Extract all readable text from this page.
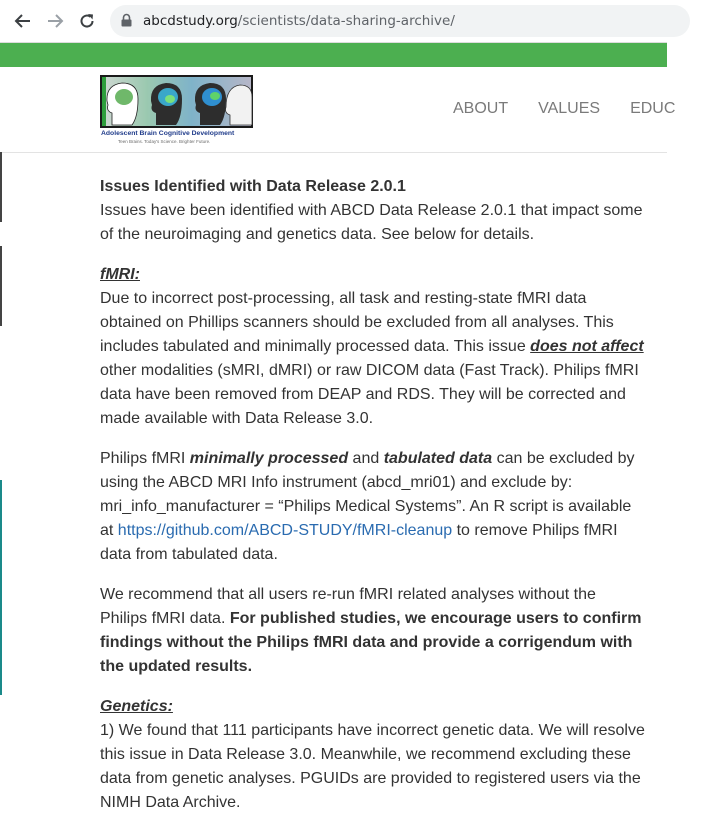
abcdstudy.org/scientists/data-sharing-archive/
Adolescent Brain Cognitive Development
Teen Brains. Today's Science. Brighter Future.
ABOUT VALUES EDUC

Issues Identified with Data Release 2.0.1
Issues have been identified with ABCD Data Release 2.0.1 that impact some of the neuroimaging and genetics data. See below for details.

fMRI:
Due to incorrect post-processing, all task and resting-state fMRI data obtained on Phillips scanners should be excluded from all analyses. This includes tabulated and minimally processed data. This issue does not affect other modalities (sMRI, dMRI) or raw DICOM data (Fast Track). Philips fMRI data have been removed from DEAP and RDS. They will be corrected and made available with Data Release 3.0.

Philips fMRI minimally processed and tabulated data can be excluded by using the ABCD MRI Info instrument (abcd_mri01) and exclude by: mri_info_manufacturer = “Philips Medical Systems”. An R script is available at https://github.com/ABCD-STUDY/fMRI-cleanup to remove Philips fMRI data from tabulated data.

We recommend that all users re-run fMRI related analyses without the Philips fMRI data. For published studies, we encourage users to confirm findings without the Philips fMRI data and provide a corrigendum with the updated results.

Genetics:
1) We found that 111 participants have incorrect genetic data. We will resolve this issue in Data Release 3.0. Meanwhile, we recommend excluding these data from genetic analyses. PGUIDs are provided to registered users via the NIMH Data Archive.
